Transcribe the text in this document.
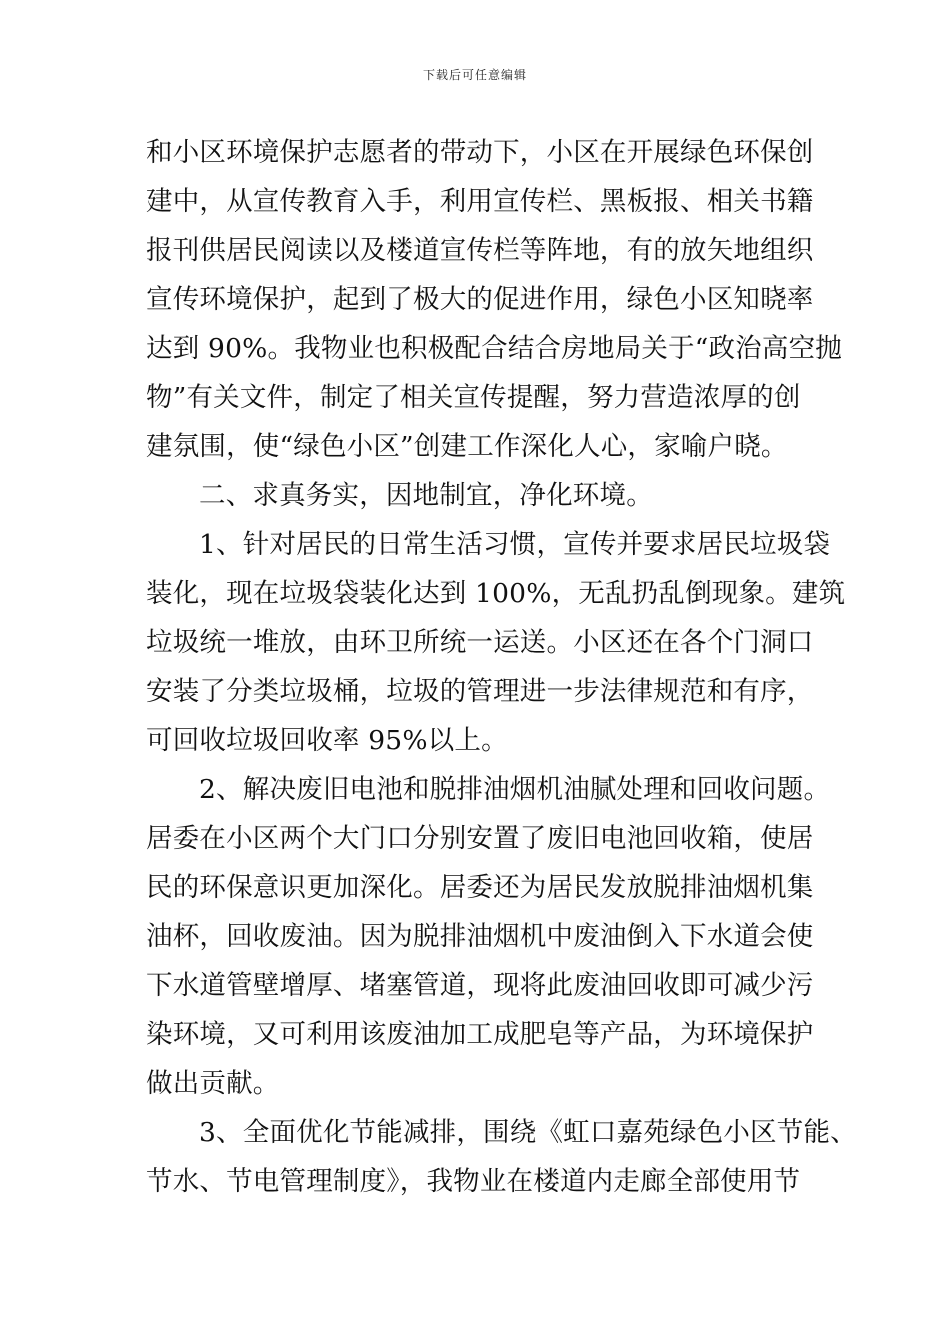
下载后可任意编辑
和小区环境保护志愿者的带动下，小区在开展绿色环保创
建中，从宣传教育入手，利用宣传栏、黑板报、相关书籍
报刊供居民阅读以及楼道宣传栏等阵地，有的放矢地组织
宣传环境保护，起到了极大的促进作用，绿色小区知晓率
达到 90%。我物业也积极配合结合房地局关于“政治高空抛
物”有关文件，制定了相关宣传提醒，努力营造浓厚的创
建氛围，使“绿色小区”创建工作深化人心，家喻户晓。
二、求真务实，因地制宜，净化环境。
1、针对居民的日常生活习惯，宣传并要求居民垃圾袋
装化，现在垃圾袋装化达到 100%，无乱扔乱倒现象。建筑
垃圾统一堆放，由环卫所统一运送。小区还在各个门洞口
安装了分类垃圾桶，垃圾的管理进一步法律规范和有序，
可回收垃圾回收率 95%以上。
2、解决废旧电池和脱排油烟机油腻处理和回收问题。
居委在小区两个大门口分别安置了废旧电池回收箱，使居
民的环保意识更加深化。居委还为居民发放脱排油烟机集
油杯，回收废油。因为脱排油烟机中废油倒入下水道会使
下水道管壁增厚、堵塞管道，现将此废油回收即可减少污
染环境，又可利用该废油加工成肥皂等产品，为环境保护
做出贡献。
3、全面优化节能减排，围绕《虹口嘉苑绿色小区节能、
节水、节电管理制度》，我物业在楼道内走廊全部使用节
